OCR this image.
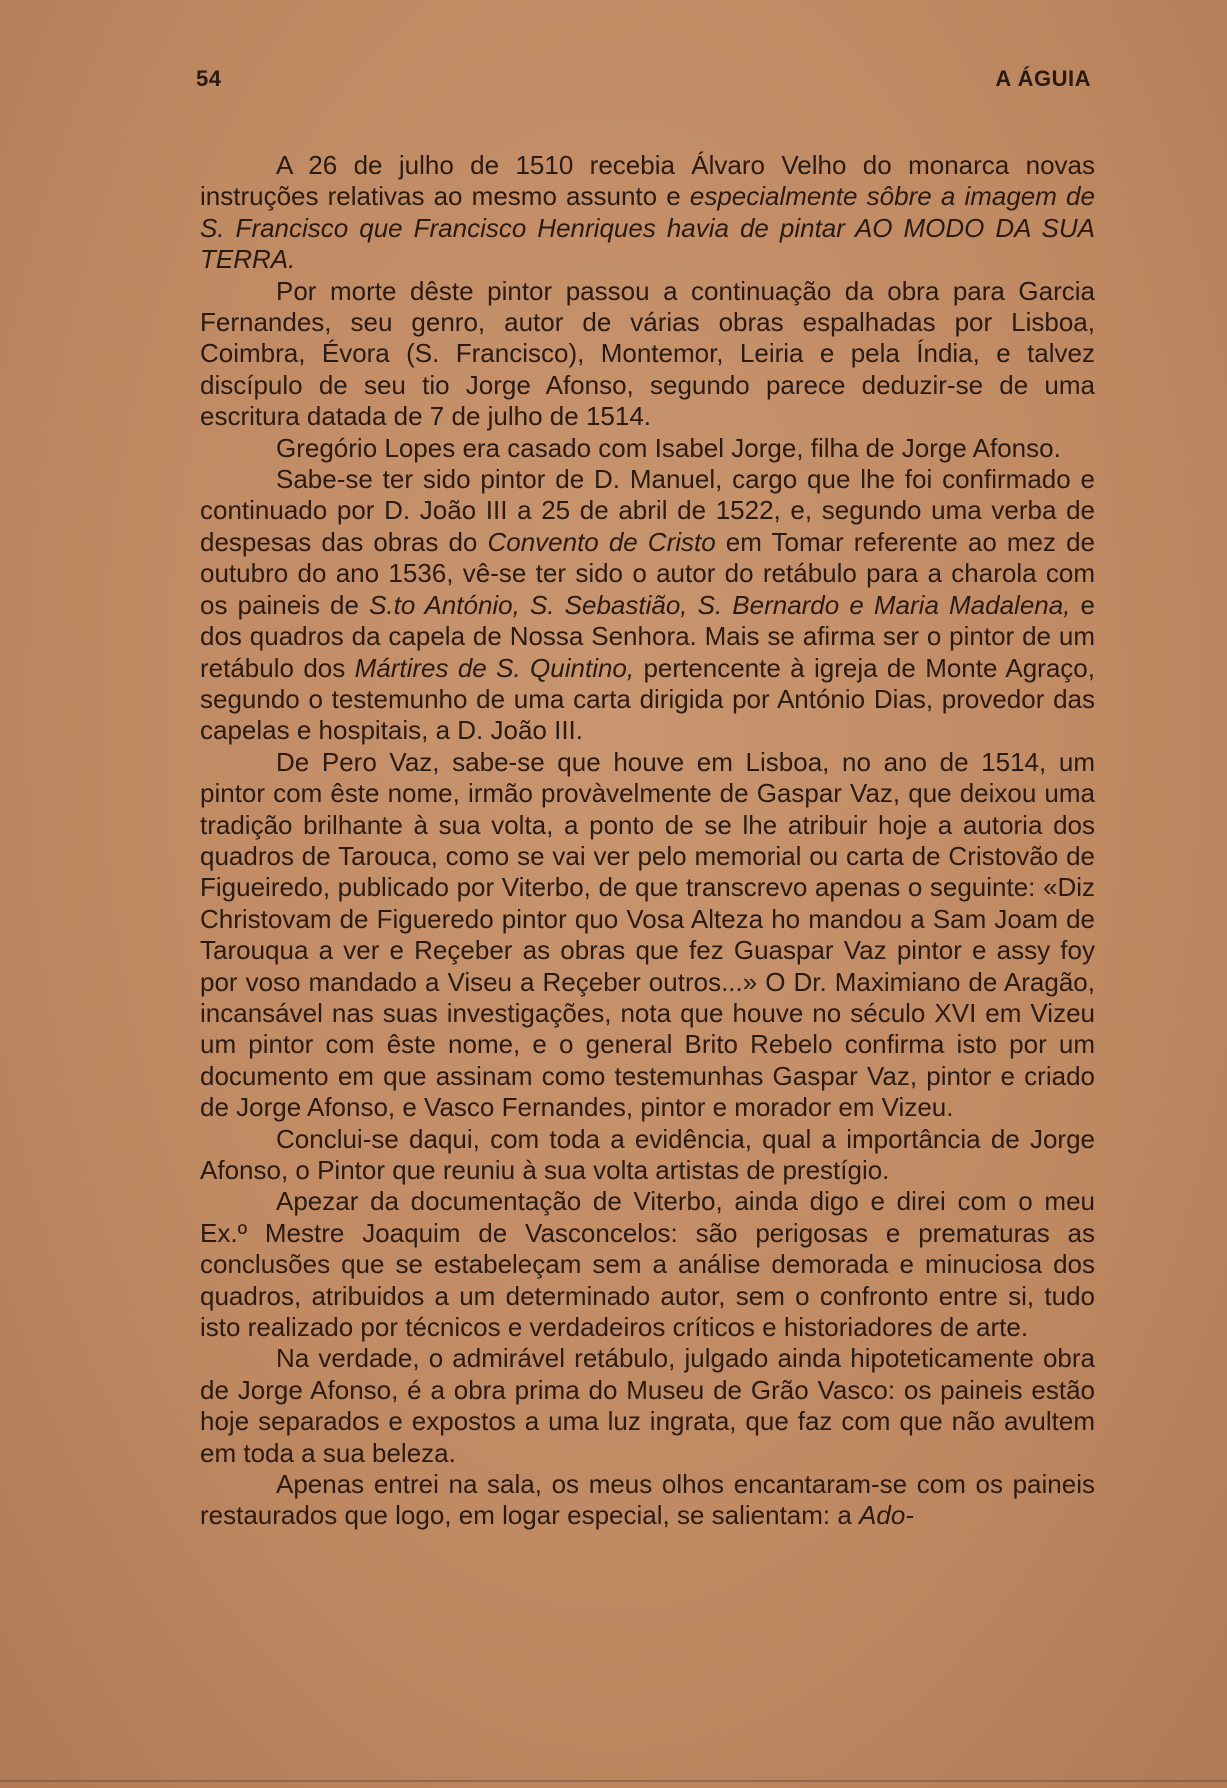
54	A ÁGUIA

A 26 de julho de 1510 recebia Álvaro Velho do monarca novas instruções relativas ao mesmo assunto e especialmente sôbre a imagem de S. Francisco que Francisco Henriques havia de pintar AO MODO DA SUA TERRA.

Por morte dêste pintor passou a continuação da obra para Garcia Fernandes, seu genro, autor de várias obras espalhadas por Lisboa, Coimbra, Évora (S. Francisco), Montemor, Leiria e pela Índia, e talvez discípulo de seu tio Jorge Afonso, segundo parece deduzir-se de uma escritura datada de 7 de julho de 1514.

Gregório Lopes era casado com Isabel Jorge, filha de Jorge Afonso.

Sabe-se ter sido pintor de D. Manuel, cargo que lhe foi confirmado e continuado por D. João III a 25 de abril de 1522, e, segundo uma verba de despesas das obras do Convento de Cristo em Tomar referente ao mez de outubro do ano 1536, vê-se ter sido o autor do retábulo para a charola com os paineis de S.to António, S. Sebastião, S. Bernardo e Maria Madalena, e dos quadros da capela de Nossa Senhora. Mais se afirma ser o pintor de um retábulo dos Mártires de S. Quintino, pertencente à igreja de Monte Agraço, segundo o testemunho de uma carta dirigida por António Dias, provedor das capelas e hospitais, a D. João III.

De Pero Vaz, sabe-se que houve em Lisboa, no ano de 1514, um pintor com êste nome, irmão provàvelmente de Gaspar Vaz, que deixou uma tradição brilhante à sua volta, a ponto de se lhe atribuir hoje a autoria dos quadros de Tarouca, como se vai ver pelo memorial ou carta de Cristovão de Figueiredo, publicado por Viterbo, de que transcrevo apenas o seguinte: «Diz Christovam de Figueredo pintor quo Vosa Alteza ho mandou a Sam Joam de Tarouqua a ver e Reçeber as obras que fez Guaspar Vaz pintor e assy foy por voso mandado a Viseu a Reçeber outros...» O Dr. Maximiano de Aragão, incansável nas suas investigações, nota que houve no século XVI em Vizeu um pintor com êste nome, e o general Brito Rebelo confirma isto por um documento em que assinam como testemunhas Gaspar Vaz, pintor e criado de Jorge Afonso, e Vasco Fernandes, pintor e morador em Vizeu.

Conclui-se daqui, com toda a evidência, qual a importância de Jorge Afonso, o Pintor que reuniu à sua volta artistas de prestígio.

Apezar da documentação de Viterbo, ainda digo e direi com o meu Ex.º Mestre Joaquim de Vasconcelos: são perigosas e prematuras as conclusões que se estabeleçam sem a análise demorada e minuciosa dos quadros, atribuidos a um determinado autor, sem o confronto entre si, tudo isto realizado por técnicos e verdadeiros críticos e historiadores de arte.

Na verdade, o admirável retábulo, julgado ainda hipoteticamente obra de Jorge Afonso, é a obra prima do Museu de Grão Vasco: os paineis estão hoje separados e expostos a uma luz ingrata, que faz com que não avultem em toda a sua beleza.

Apenas entrei na sala, os meus olhos encantaram-se com os paineis restaurados que logo, em logar especial, se salientam: a Ado-
